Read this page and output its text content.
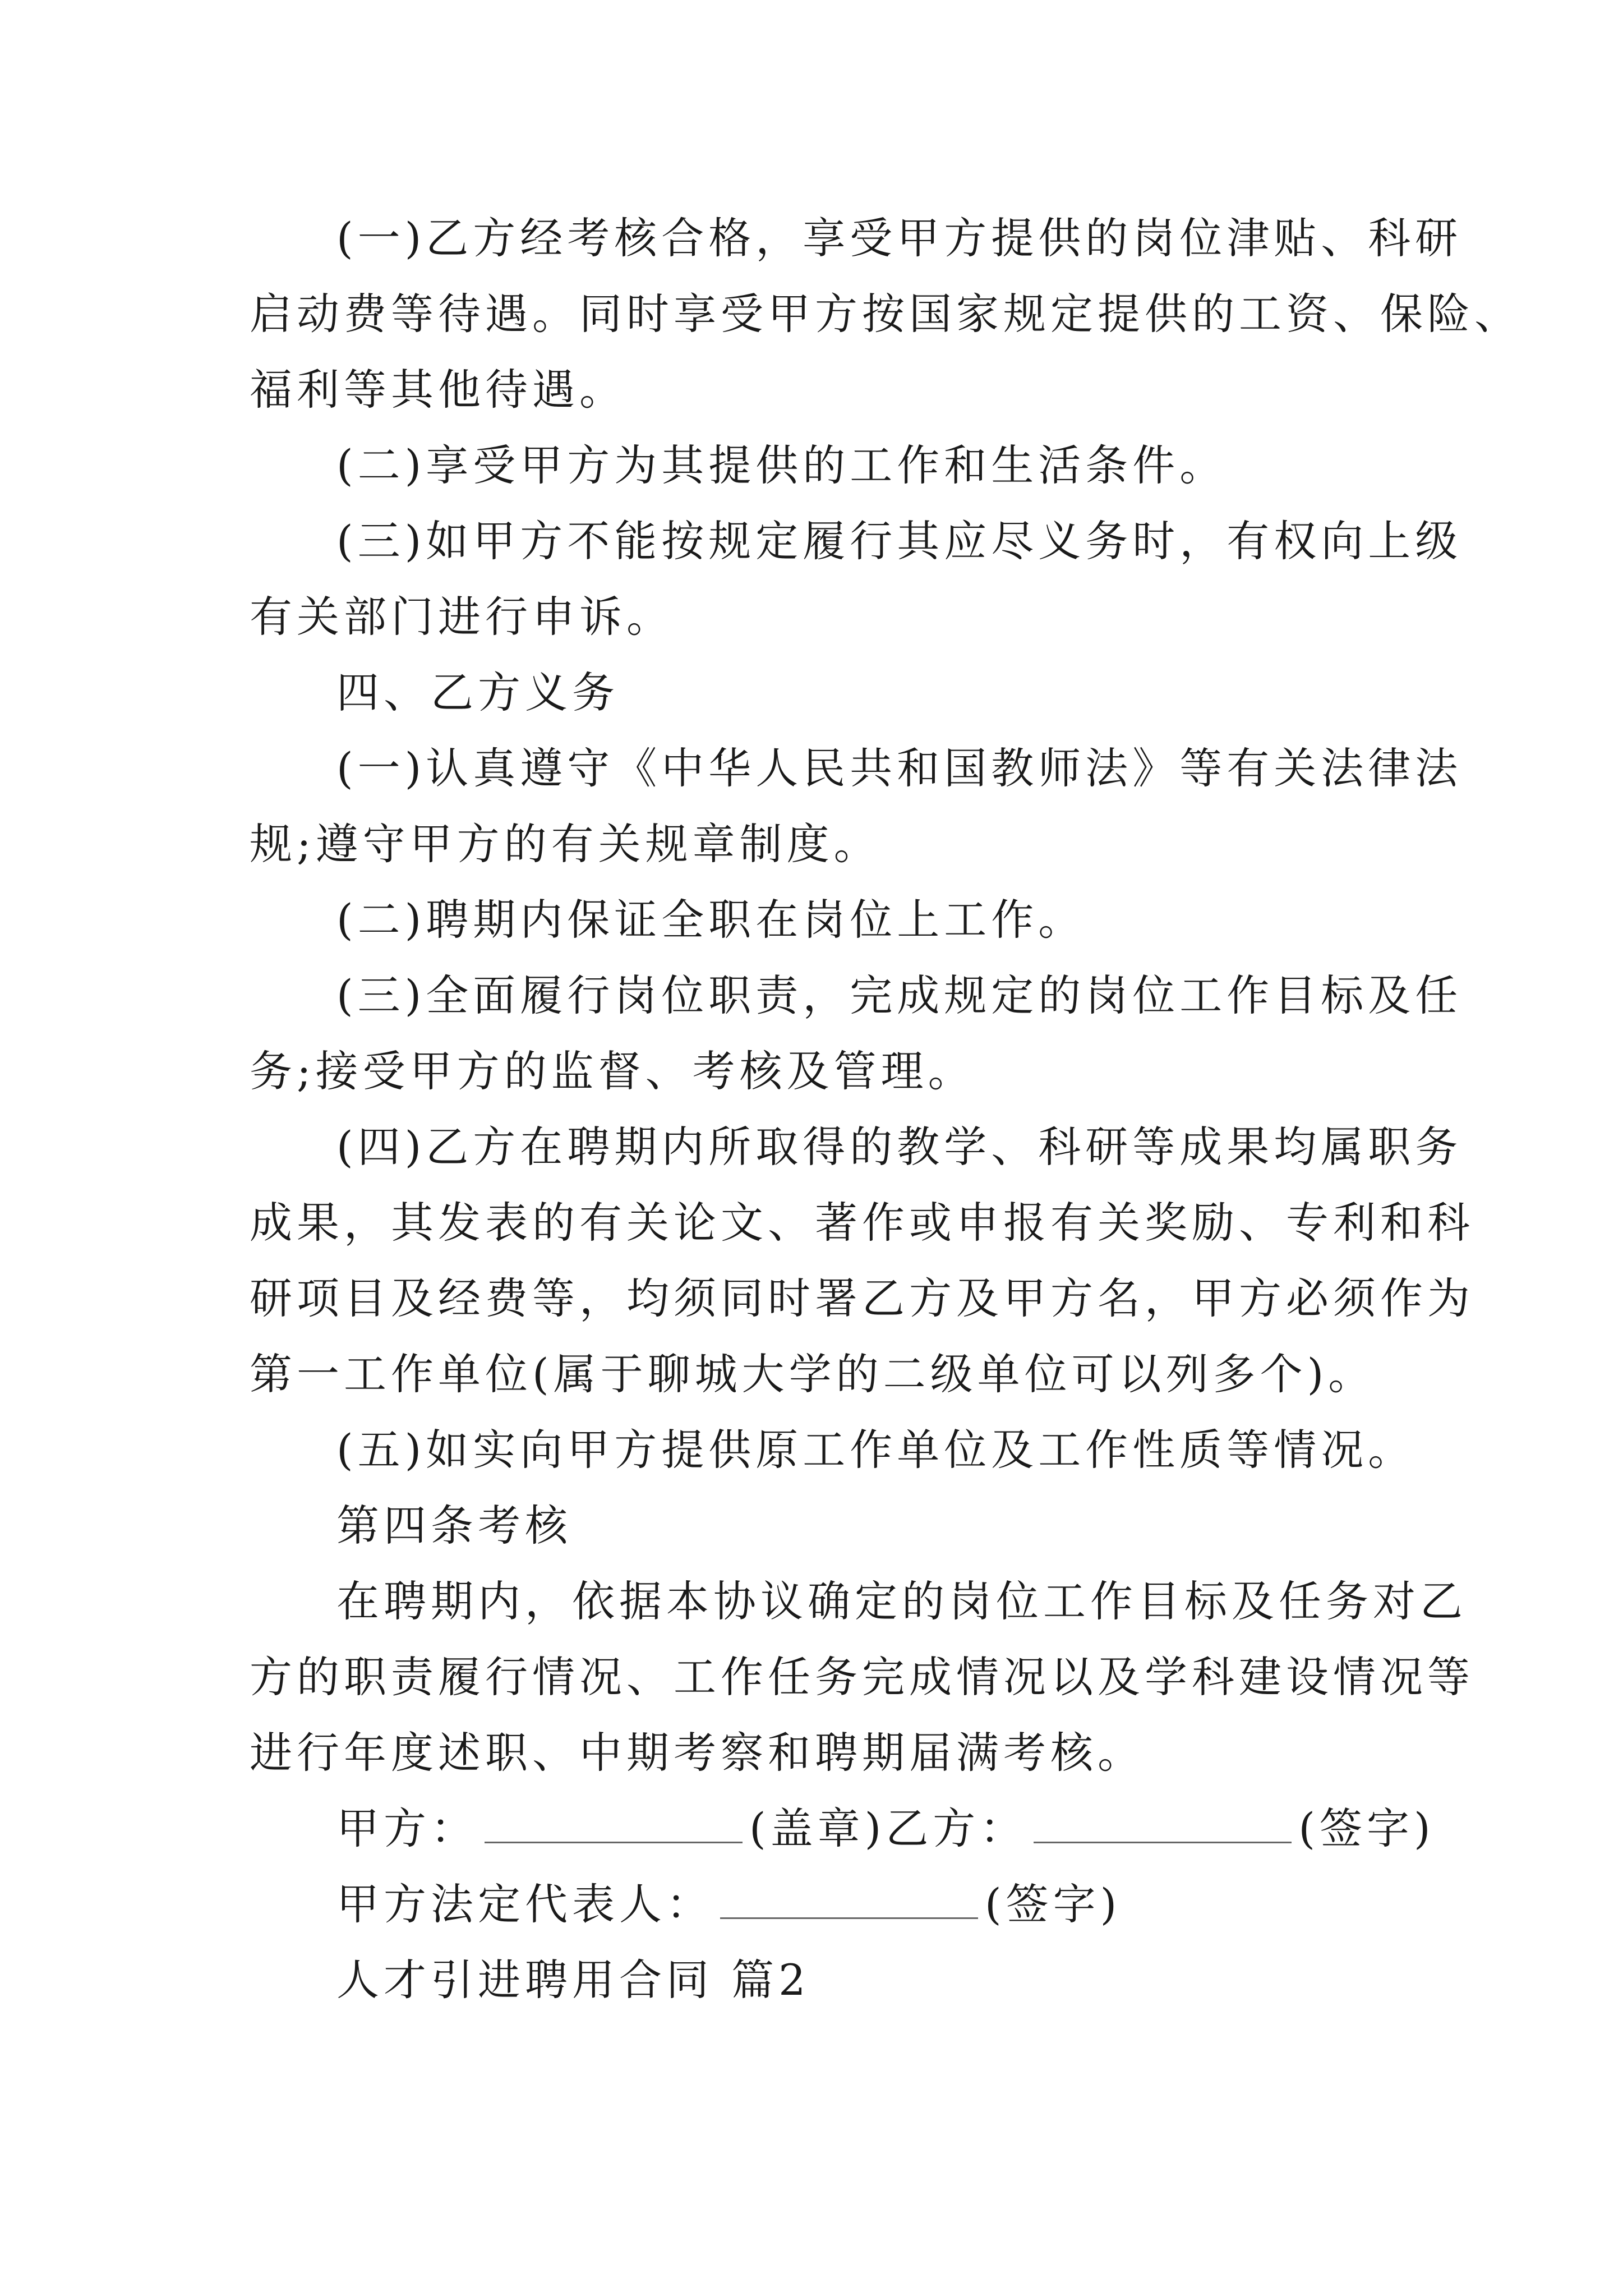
(一)乙方经考核合格，享受甲方提供的岗位津贴、科研
启动费等待遇。同时享受甲方按国家规定提供的工资、保险、
福利等其他待遇。
(二)享受甲方为其提供的工作和生活条件。
(三)如甲方不能按规定履行其应尽义务时，有权向上级
有关部门进行申诉。
四、乙方义务
(一)认真遵守《中华人民共和国教师法》等有关法律法
规;遵守甲方的有关规章制度。
(二)聘期内保证全职在岗位上工作。
(三)全面履行岗位职责，完成规定的岗位工作目标及任
务;接受甲方的监督、考核及管理。
(四)乙方在聘期内所取得的教学、科研等成果均属职务
成果，其发表的有关论文、著作或申报有关奖励、专利和科
研项目及经费等，均须同时署乙方及甲方名，甲方必须作为
第一工作单位(属于聊城大学的二级单位可以列多个)。
(五)如实向甲方提供原工作单位及工作性质等情况。
第四条考核
在聘期内，依据本协议确定的岗位工作目标及任务对乙
方的职责履行情况、工作任务完成情况以及学科建设情况等
进行年度述职、中期考察和聘期届满考核。
甲方：	(盖章)乙方：	(签字)
甲方法定代表人：	(签字)
人才引进聘用合同 篇2
